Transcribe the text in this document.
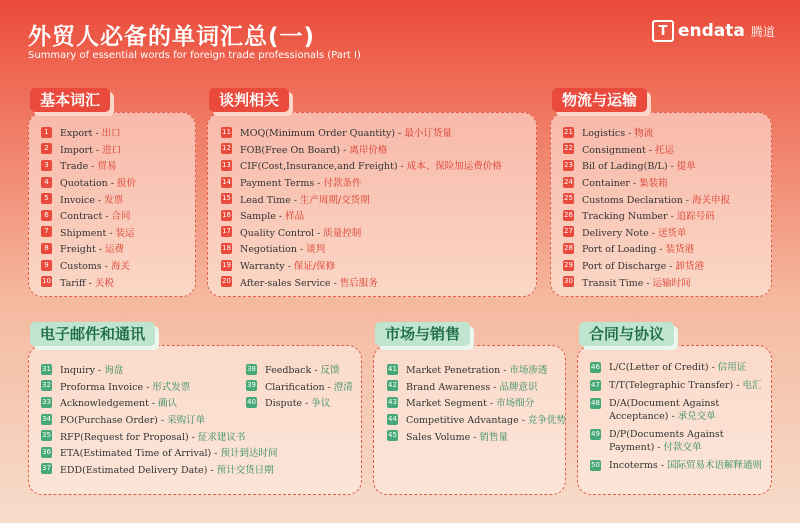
外贸人必备的单词汇总(一)
Summary of essential words for foreign trade professionals (Part I)
T endata 腾道
基本词汇
1	Export - 出口
2	Import - 进口
3	Trade - 贸易
4	Quotation - 报价
5	Invoice - 发票
6	Contract - 合同
7	Shipment - 装运
8	Freight - 运费
9	Customs - 海关
10 Tariff - 关税
谈判相关
11 MOQ(Minimum Order Quantity) - 最小订货量
12 FOB(Free On Board) - 离岸价格
13 CIF(Cost,Insurance,and Freight) - 成本、保险加运费价格
14 Payment Terms - 付款条件
15 Lead Time - 生产周期/交货期
16 Sample - 样品
17 Quality Control - 质量控制
18 Negotiation - 谈判
19 Warranty - 保证/保修
20 After-sales Service - 售后服务
物流与运输
21 Logistics - 物流
22 Consignment - 托运
23 Bil of Lading(B/L) - 提单
24 Container - 集装箱
25 Customs Declaration - 海关申报
26 Tracking Number - 追踪号码
27 Delivery Note - 送货单
28 Port of Loading - 装货港
29 Port of Discharge - 卸货港
30 Transit Time - 运输时间
电子邮件和通讯
31 Inquiry - 询盘
32 Proforma Invoice - 形式发票
33 Acknowledgement - 确认
34 PO(Purchase Order) - 采购订单
35 RFP(Request for Proposal) - 征求建议书
36 ETA(Estimated Time of Arrival) - 预计到达时间
37 EDD(Estimated Delivery Date) - 预计交货日期
38 Feedback - 反馈
39 Clarification - 澄清
40 Dispute - 争议
市场与销售
41 Market Penetration - 市场渗透
42 Brand Awareness - 品牌意识
43 Market Segment - 市场细分
44 Competitive Advantage - 竞争优势
45 Sales Volume - 销售量
合同与协议
46 L/C(Letter of Credit) - 信用证
47 T/T(Telegraphic Transfer) - 电汇
48 D/A(Document Against Acceptance) - 承兑交单
49 D/P(Documents Against Payment) - 付款交单
50 Incoterms - 国际贸易术语解释通则
